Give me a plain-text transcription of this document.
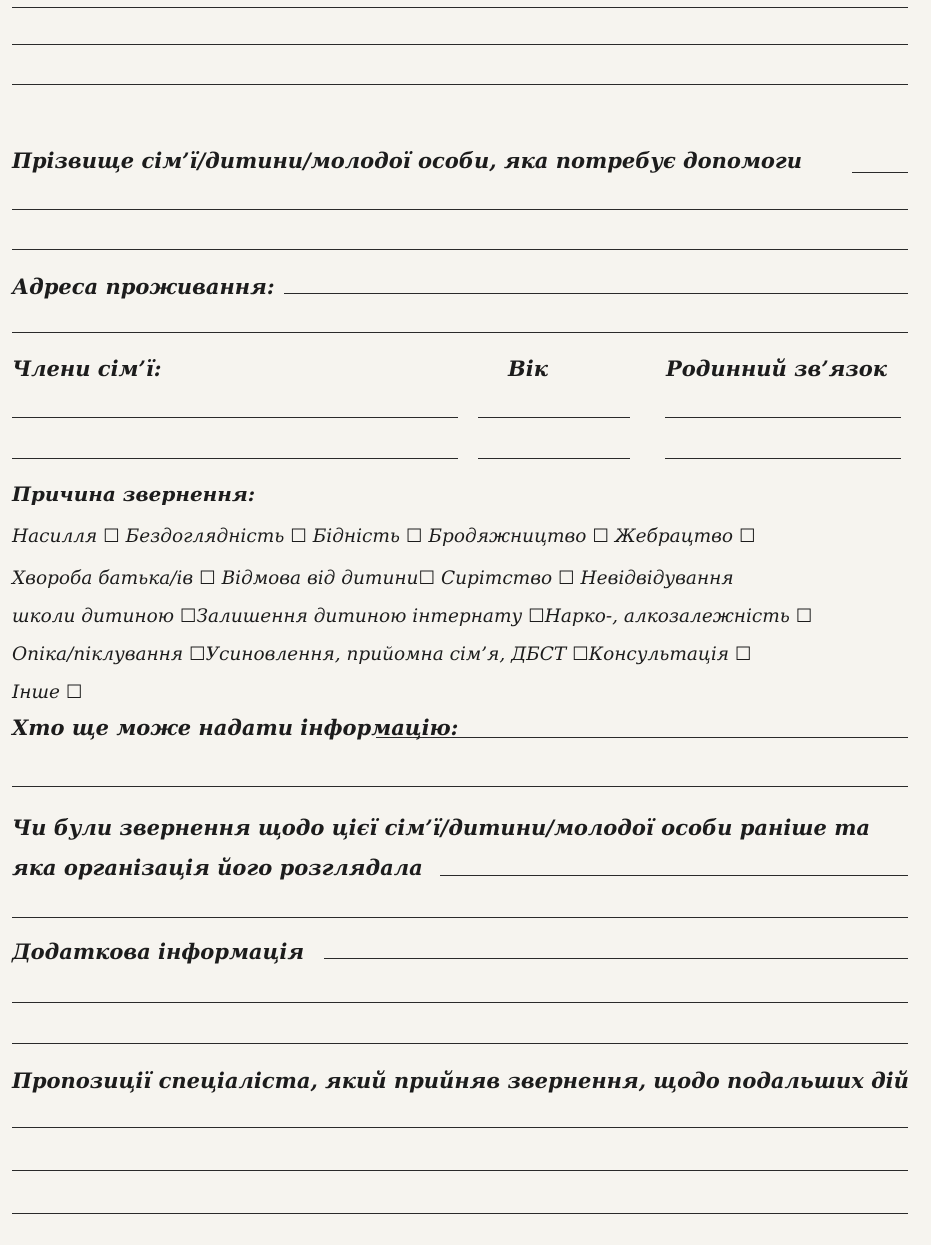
Прізвище сім’ї/дитини/молодої особи, яка потребує допомоги
Адреса проживання:
Члени сім’ї:	Вік	Родинний зв’язок
Причина звернення:
Насилля ☐ Бездоглядність ☐ Бідність ☐ Бродяжництво ☐ Жебрацтво ☐
Хвороба батька/ів ☐ Відмова від дитини☐ Сирітство ☐ Невідвідування
школи дитиною ☐Залишення дитиною інтернату ☐Нарко-, алкозалежність ☐
Опіка/піклування ☐Усиновлення, прийомна сім’я, ДБСТ ☐Консультація ☐
Інше ☐
Хто ще може надати інформацію:
Чи були звернення щодо цієї сім’ї/дитини/молодої особи раніше та
яка організація його розглядала
Додаткова інформація
Пропозиції спеціаліста, який прийняв звернення, щодо подальших дій
